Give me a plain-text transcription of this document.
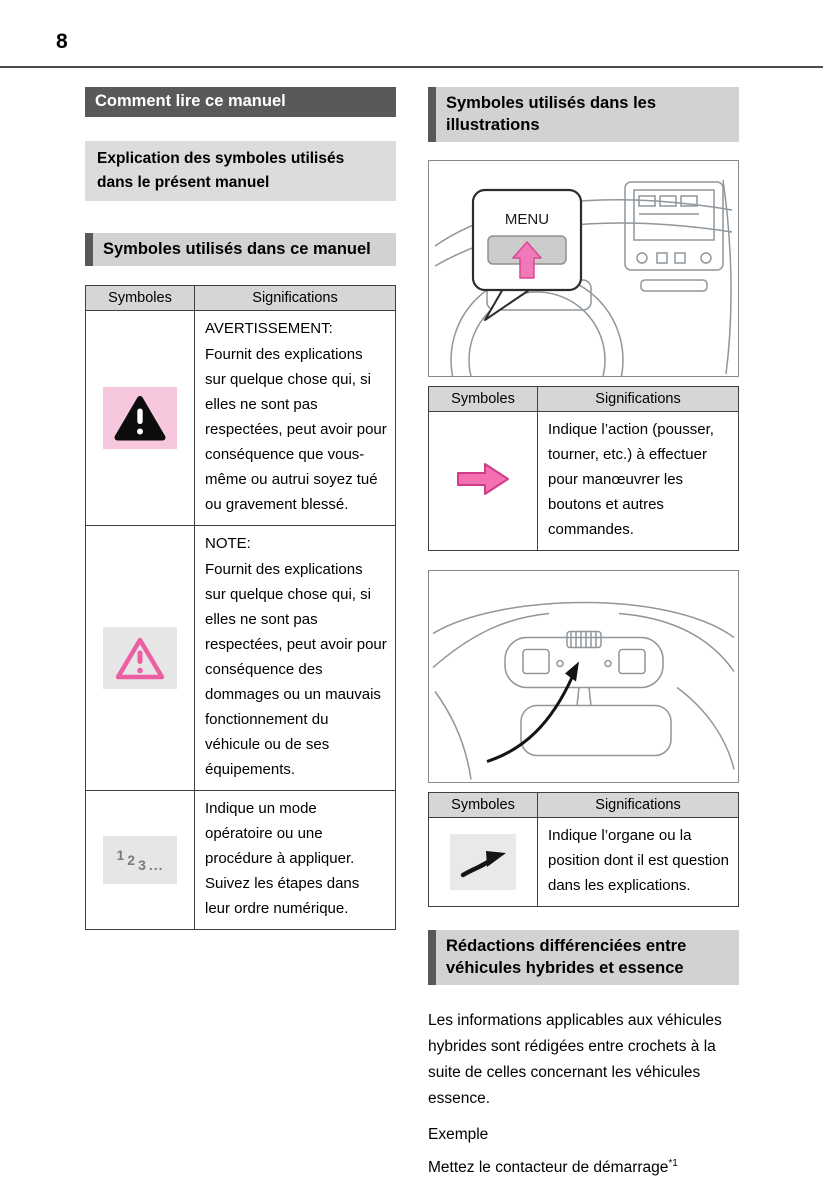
8
Comment lire ce manuel
Explication des symboles utilisés dans le présent manuel
Symboles utilisés dans ce manuel
Symboles	Significations

AVERTISSEMENT:
Fournit des explications sur quelque chose qui, si elles ne sont pas respectées, peut avoir pour conséquence que vous-même ou autrui soyez tué ou gravement blessé.

NOTE:
Fournit des explications sur quelque chose qui, si elles ne sont pas respectées, peut avoir pour conséquence des dommages ou un mauvais fonctionnement du véhicule ou de ses équipements.

1 2 3 ...	Indique un mode opératoire ou une procédure à appliquer. Suivez les étapes dans leur ordre numérique.
Symboles utilisés dans les illustrations
MENU
Symboles	Significations

Indique l’action (pousser, tourner, etc.) à effectuer pour manœuvrer les boutons et autres commandes.
Symboles	Significations

Indique l’organe ou la position dont il est question dans les explications.
Rédactions différenciées entre véhicules hybrides et essence

Les informations applicables aux véhicules hybrides sont rédigées entre crochets à la suite de celles concernant les véhicules essence.

Exemple

Mettez le contacteur de démarrage$^{*1}$
